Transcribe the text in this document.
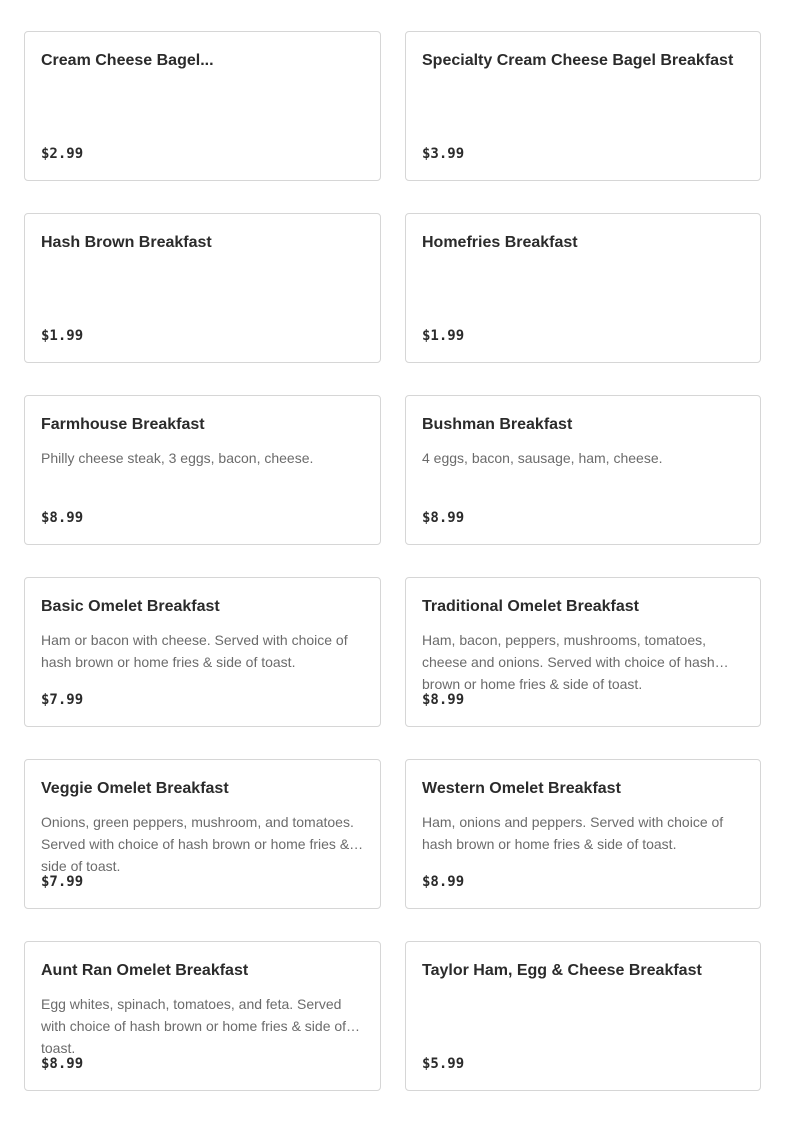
Cream Cheese Bagel...
$2.99
Specialty Cream Cheese Bagel Breakfast
$3.99
Hash Brown Breakfast
$1.99
Homefries Breakfast
$1.99
Farmhouse Breakfast
Philly cheese steak, 3 eggs, bacon, cheese.
$8.99
Bushman Breakfast
4 eggs, bacon, sausage, ham, cheese.
$8.99
Basic Omelet Breakfast
Ham or bacon with cheese. Served with choice of hash brown or home fries & side of toast.
$7.99
Traditional Omelet Breakfast
Ham, bacon, peppers, mushrooms, tomatoes, cheese and onions. Served with choice of hash brown or home fries & side of toast.
$8.99
Veggie Omelet Breakfast
Onions, green peppers, mushroom, and tomatoes. Served with choice of hash brown or home fries & side of toast.
$7.99
Western Omelet Breakfast
Ham, onions and peppers. Served with choice of hash brown or home fries & side of toast.
$8.99
Aunt Ran Omelet Breakfast
Egg whites, spinach, tomatoes, and feta. Served with choice of hash brown or home fries & side of toast.
$8.99
Taylor Ham, Egg & Cheese Breakfast
$5.99
